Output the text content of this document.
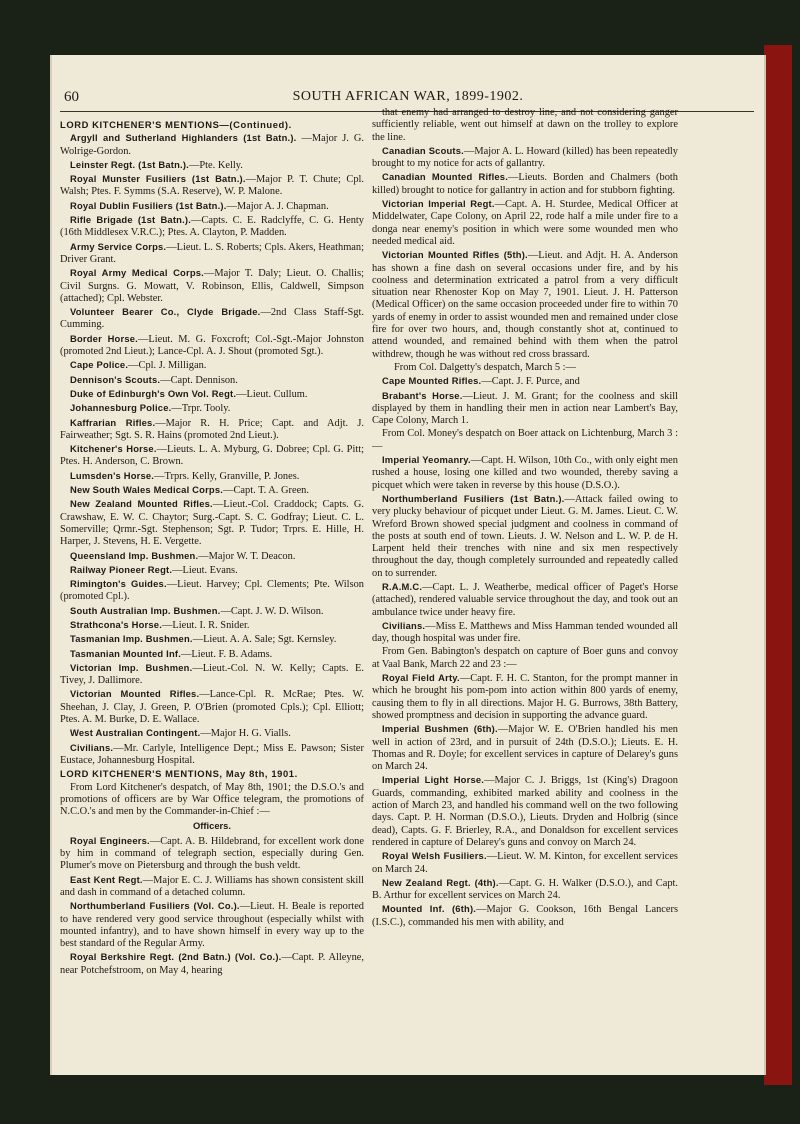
SOUTH AFRICAN WAR, 1899-1902.
60

LORD KITCHENER'S MENTIONS—(Continued).

Argyll and Sutherland Highlanders (1st Batn.). —Major J. G. Wolrige-Gordon.

Leinster Regt. (1st Batn.).—Pte. Kelly.

Royal Munster Fusiliers (1st Batn.).—Major P. T. Chute; Cpl. Walsh; Ptes. F. Symms (S.A. Reserve), W. P. Malone.

Royal Dublin Fusiliers (1st Batn.).—Major A. J. Chapman.

Rifle Brigade (1st Batn.).—Capts. C. E. Radclyffe, C. G. Henty (16th Middlesex V.R.C.); Ptes. A. Clayton, P. Madden.

Army Service Corps.—Lieut. L. S. Roberts; Cpls. Akers, Heathman; Driver Grant.

Royal Army Medical Corps.—Major T. Daly; Lieut. O. Challis; Civil Surgns. G. Mowatt, V. Robinson, Ellis, Caldwell, Simpson (attached); Cpl. Webster.

Volunteer Bearer Co., Clyde Brigade.—2nd Class Staff-Sgt. Cumming.

Border Horse.—Lieut. M. G. Foxcroft; Col.-Sgt.-Major Johnston (promoted 2nd Lieut.); Lance-Cpl. A. J. Shout (promoted Sgt.).

Cape Police.—Cpl. J. Milligan.

Dennison's Scouts.—Capt. Dennison.

Duke of Edinburgh's Own Vol. Regt.—Lieut. Cullum.

Johannesburg Police.—Trpr. Tooly.

Kaffrarian Rifles.—Major R. H. Price; Capt. and Adjt. J. Fairweather; Sgt. S. R. Hains (promoted 2nd Lieut.).

Kitchener's Horse.—Lieuts. L. A. Myburg, G. Dobree; Cpl. G. Pitt; Ptes. H. Anderson, C. Brown.

Lumsden's Horse.—Trprs. Kelly, Granville, P. Jones.

New South Wales Medical Corps.—Capt. T. A. Green.

New Zealand Mounted Rifles.—Lieut.-Col. Craddock; Capts. G. Crawshaw, E. W. C. Chaytor; Surg.-Capt. S. C. Godfray; Lieut. C. L. Somerville; Qrmr.-Sgt. Stephenson; Sgt. P. Tudor; Trprs. E. Hille, H. Harper, J. Stevens, H. E. Vergette.

Queensland Imp. Bushmen.—Major W. T. Deacon.

Railway Pioneer Regt.—Lieut. Evans.

Rimington's Guides.—Lieut. Harvey; Cpl. Clements; Pte. Wilson (promoted Cpl.).

South Australian Imp. Bushmen.—Capt. J. W. D. Wilson.

Strathcona's Horse.—Lieut. I. R. Snider.

Tasmanian Imp. Bushmen.—Lieut. A. A. Sale; Sgt. Kernsley.

Tasmanian Mounted Inf.—Lieut. F. B. Adams.

Victorian Imp. Bushmen.—Lieut.-Col. N. W. Kelly; Capts. E. Tivey, J. Dallimore.

Victorian Mounted Rifles.—Lance-Cpl. R. McRae; Ptes. W. Sheehan, J. Clay, J. Green, P. O'Brien (promoted Cpls.); Cpl. Elliott; Ptes. A. M. Burke, D. E. Wallace.

West Australian Contingent.—Major H. G. Vialls.

Civilians.—Mr. Carlyle, Intelligence Dept.; Miss E. Pawson; Sister Eustace, Johannesburg Hospital.

LORD KITCHENER'S MENTIONS, May 8th, 1901.

From Lord Kitchener's despatch, of May 8th, 1901; the D.S.O.'s and promotions of officers are by War Office telegram, the promotions of N.C.O.'s and men by the Commander-in-Chief :—

Officers.

Royal Engineers.—Capt. A. B. Hildebrand, for excellent work done by him in command of telegraph section, especially during Gen. Plumer's move on Pietersburg and through the bush veldt.

East Kent Regt.—Major E. C. J. Williams has shown consistent skill and dash in command of a detached column.

Northumberland Fusiliers (Vol. Co.).—Lieut. H. Beale is reported to have rendered very good service throughout (especially whilst with mounted infantry), and to have shown himself in every way up to the best standard of the Regular Army.

Royal Berkshire Regt. (2nd Batn.) (Vol. Co.).—Capt. P. Alleyne, near Potchefstroom, on May 4, hearing

that enemy had arranged to destroy line, and not considering ganger sufficiently reliable, went out himself at dawn on the trolley to explore the line.

Canadian Scouts.—Major A. L. Howard (killed) has been repeatedly brought to my notice for acts of gallantry.

Canadian Mounted Rifles.—Lieuts. Borden and Chalmers (both killed) brought to notice for gallantry in action and for stubborn fighting.

Victorian Imperial Regt.—Capt. A. H. Sturdee, Medical Officer at Middelwater, Cape Colony, on April 22, rode half a mile under fire to a donga near enemy's position in which were some wounded men who needed medical aid.

Victorian Mounted Rifles (5th).—Lieut. and Adjt. H. A. Anderson has shown a fine dash on several occasions under fire, and by his coolness and determination extricated a patrol from a very difficult situation near Rhenoster Kop on May 7, 1901. Lieut. J. H. Patterson (Medical Officer) on the same occasion proceeded under fire to within 70 yards of enemy in order to assist wounded men and remained under close fire for over two hours, and, though constantly shot at, continued to attend wounded, and remained behind with them when the patrol withdrew, though he was without red cross brassard.

From Col. Dalgetty's despatch, March 5 :—

Cape Mounted Rifles.—Capt. J. F. Purce, and

Brabant's Horse.—Lieut. J. M. Grant; for the coolness and skill displayed by them in handling their men in action near Lambert's Bay, Cape Colony, March 1.

From Col. Money's despatch on Boer attack on Lichtenburg, March 3 :—

Imperial Yeomanry.—Capt. H. Wilson, 10th Co., with only eight men rushed a house, losing one killed and two wounded, thereby saving a picquet which were taken in reverse by this house (D.S.O.).

Northumberland Fusiliers (1st Batn.).—Attack failed owing to very plucky behaviour of picquet under Lieut. G. M. James. Lieut. C. W. Wreford Brown showed special judgment and coolness in command of the posts at south end of town. Lieuts. J. W. Nelson and L. W. P. de H. Larpent held their trenches with nine and six men respectively throughout the day, though completely surrounded and repeatedly called on to surrender.

R.A.M.C.—Capt. L. J. Weatherbe, medical officer of Paget's Horse (attached), rendered valuable service throughout the day, and took out an ambulance twice under heavy fire.

Civilians.—Miss E. Matthews and Miss Hamman tended wounded all day, though hospital was under fire.

From Gen. Babington's despatch on capture of Boer guns and convoy at Vaal Bank, March 22 and 23 :—

Royal Field Arty.—Capt. F. H. C. Stanton, for the prompt manner in which he brought his pom-pom into action within 800 yards of enemy, causing them to fly in all directions. Major H. G. Burrows, 38th Battery, showed promptness and decision in supporting the advance guard.

Imperial Bushmen (6th).—Major W. E. O'Brien handled his men well in action of 23rd, and in pursuit of 24th (D.S.O.); Lieuts. E. H. Thomas and R. Doyle; for excellent services in capture of Delarey's guns on March 24.

Imperial Light Horse.—Major C. J. Briggs, 1st (King's) Dragoon Guards, commanding, exhibited marked ability and coolness in the action of March 23, and handled his command well on the two following days. Capt. P. H. Norman (D.S.O.), Lieuts. Dryden and Holbrig (since dead), Capts. G. F. Brierley, R.A., and Donaldson for excellent services rendered in capture of Delarey's guns and convoy on March 24.

Royal Welsh Fusiliers.—Lieut. W. M. Kinton, for excellent services on March 24.

New Zealand Regt. (4th).—Capt. G. H. Walker (D.S.O.), and Capt. B. Arthur for excellent services on March 24.

Mounted Inf. (6th).—Major G. Cookson, 16th Bengal Lancers (I.S.C.), commanded his men with ability, and
